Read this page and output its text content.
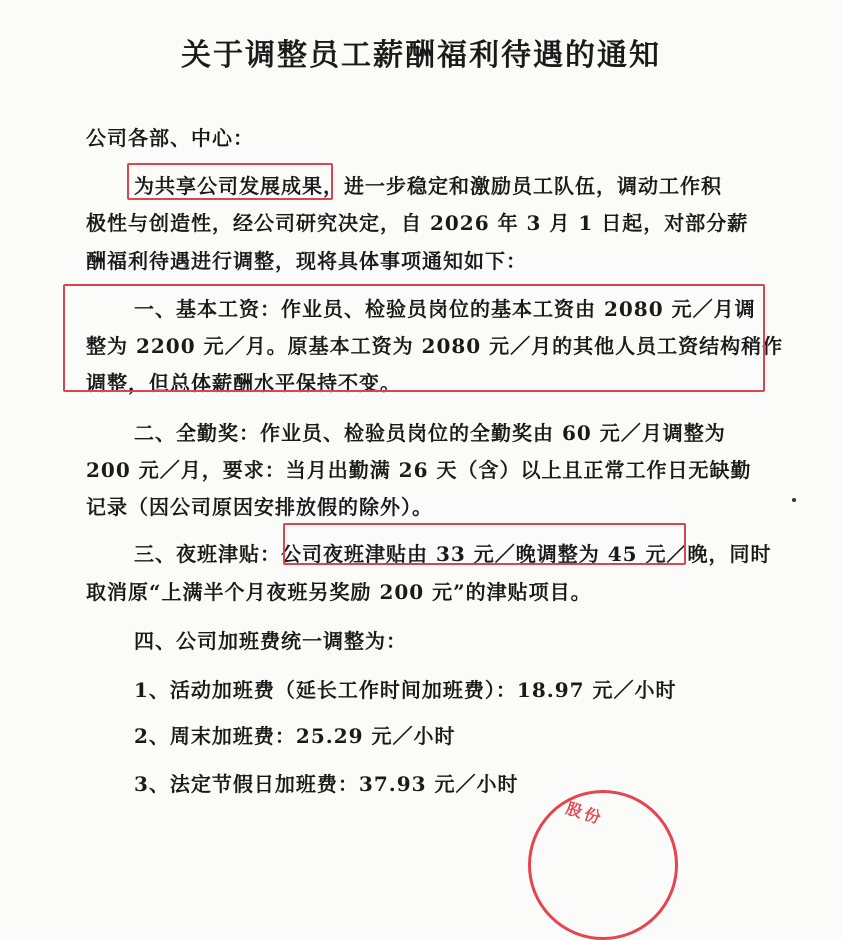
关于调整员工薪酬福利待遇的通知
公司各部、中心：
为共享公司发展成果，进一步稳定和激励员工队伍，调动工作积
极性与创造性，经公司研究决定，自 2026 年 3 月 1 日起，对部分薪
酬福利待遇进行调整，现将具体事项通知如下：
一、基本工资：作业员、检验员岗位的基本工资由 2080 元／月调
整为 2200 元／月。原基本工资为 2080 元／月的其他人员工资结构稍作
调整，但总体薪酬水平保持不变。
二、全勤奖：作业员、检验员岗位的全勤奖由 60 元／月调整为
200 元／月，要求：当月出勤满 26 天（含）以上且正常工作日无缺勤
记录（因公司原因安排放假的除外）。
三、夜班津贴：公司夜班津贴由 33 元／晚调整为 45 元／晚，同时
取消原“上满半个月夜班另奖励 200 元”的津贴项目。
四、公司加班费统一调整为：
1、活动加班费（延长工作时间加班费）：18.97 元／小时
2、周末加班费：25.29 元／小时
3、法定节假日加班费：37.93 元／小时
股份
